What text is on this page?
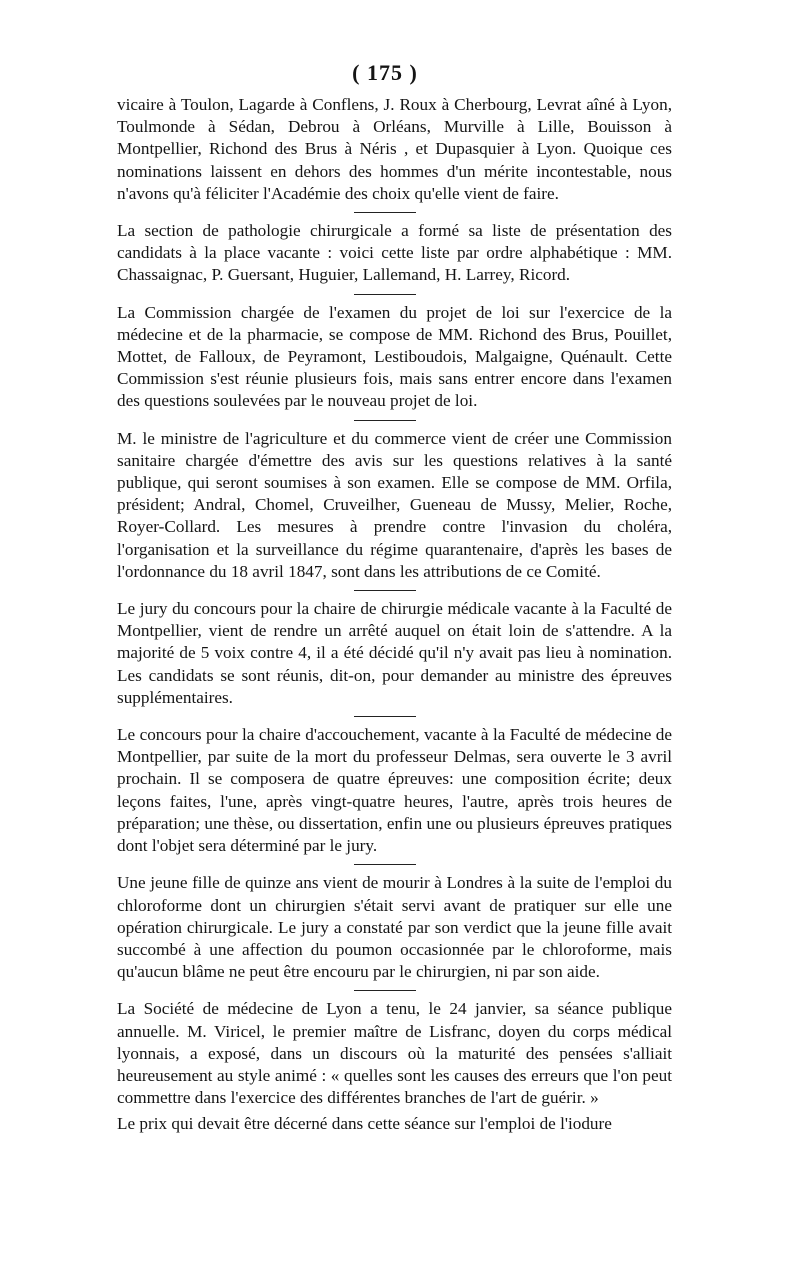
( 175 )

vicaire à Toulon, Lagarde à Conflens, J. Roux à Cherbourg, Levrat aîné à Lyon, Toulmonde à Sédan, Debrou à Orléans, Murville à Lille, Bouisson à Montpellier, Richond des Brus à Néris , et Dupasquier à Lyon. Quoique ces nominations laissent en dehors des hommes d'un mérite incontestable, nous n'avons qu'à féliciter l'Académie des choix qu'elle vient de faire.

La section de pathologie chirurgicale a formé sa liste de présentation des candidats à la place vacante : voici cette liste par ordre alphabétique : MM. Chassaignac, P. Guersant, Huguier, Lallemand, H. Larrey, Ricord.

La Commission chargée de l'examen du projet de loi sur l'exercice de la médecine et de la pharmacie, se compose de MM. Richond des Brus, Pouillet, Mottet, de Falloux, de Peyramont, Lestiboudois, Malgaigne, Quénault. Cette Commission s'est réunie plusieurs fois, mais sans entrer encore dans l'examen des questions soulevées par le nouveau projet de loi.

M. le ministre de l'agriculture et du commerce vient de créer une Commission sanitaire chargée d'émettre des avis sur les questions relatives à la santé publique, qui seront soumises à son examen. Elle se compose de MM. Orfila, président; Andral, Chomel, Cruveilher, Gueneau de Mussy, Melier, Roche, Royer-Collard. Les mesures à prendre contre l'invasion du choléra, l'organisation et la surveillance du régime quarantenaire, d'après les bases de l'ordonnance du 18 avril 1847, sont dans les attributions de ce Comité.

Le jury du concours pour la chaire de chirurgie médicale vacante à la Faculté de Montpellier, vient de rendre un arrêté auquel on était loin de s'attendre. A la majorité de 5 voix contre 4, il a été décidé qu'il n'y avait pas lieu à nomination. Les candidats se sont réunis, dit-on, pour demander au ministre des épreuves supplémentaires.

Le concours pour la chaire d'accouchement, vacante à la Faculté de médecine de Montpellier, par suite de la mort du professeur Delmas, sera ouverte le 3 avril prochain. Il se composera de quatre épreuves: une composition écrite; deux leçons faites, l'une, après vingt-quatre heures, l'autre, après trois heures de préparation; une thèse, ou dissertation, enfin une ou plusieurs épreuves pratiques dont l'objet sera déterminé par le jury.

Une jeune fille de quinze ans vient de mourir à Londres à la suite de l'emploi du chloroforme dont un chirurgien s'était servi avant de pratiquer sur elle une opération chirurgicale. Le jury a constaté par son verdict que la jeune fille avait succombé à une affection du poumon occasionnée par le chloroforme, mais qu'aucun blâme ne peut être encouru par le chirurgien, ni par son aide.

La Société de médecine de Lyon a tenu, le 24 janvier, sa séance publique annuelle. M. Viricel, le premier maître de Lisfranc, doyen du corps médical lyonnais, a exposé, dans un discours où la maturité des pensées s'alliait heureusement au style animé : « quelles sont les causes des erreurs que l'on peut commettre dans l'exercice des différentes branches de l'art de guérir. »

Le prix qui devait être décerné dans cette séance sur l'emploi de l'iodure
